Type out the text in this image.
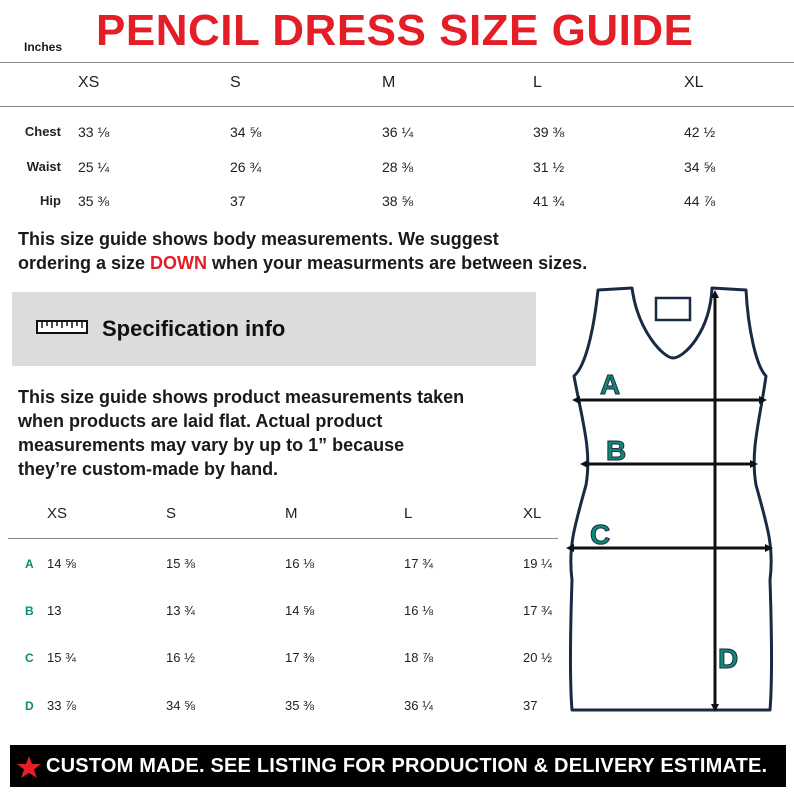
PENCIL DRESS SIZE GUIDE
Inches
XS	S	M	L	XL
Chest 33 ⅛	34 ⅝	36 ¼	39 ⅜	42 ½
Waist 25 ¼	26 ¾	28 ⅜	31 ½	34 ⅝
Hip 35 ⅜	37	38 ⅝	41 ¾	44 ⅞
This size guide shows body measurements. We suggest
ordering a size DOWN when your measurments are between sizes.
Specification info
This size guide shows product measurements taken
when products are laid flat. Actual product
measurements may vary by up to 1” because
they’re custom-made by hand.
XS	S	M	L	XL
A 14 ⅝	15 ⅜	16 ⅛	17 ¾	19 ¼
B 13	13 ¾	14 ⅝	16 ⅛	17 ¾
C 15 ¾	16 ½	17 ⅜	18 ⅞	20 ½
D 33 ⅞	34 ⅝	35 ⅜	36 ¼	37
A
B
C
D
CUSTOM MADE. SEE LISTING FOR PRODUCTION & DELIVERY ESTIMATE.
